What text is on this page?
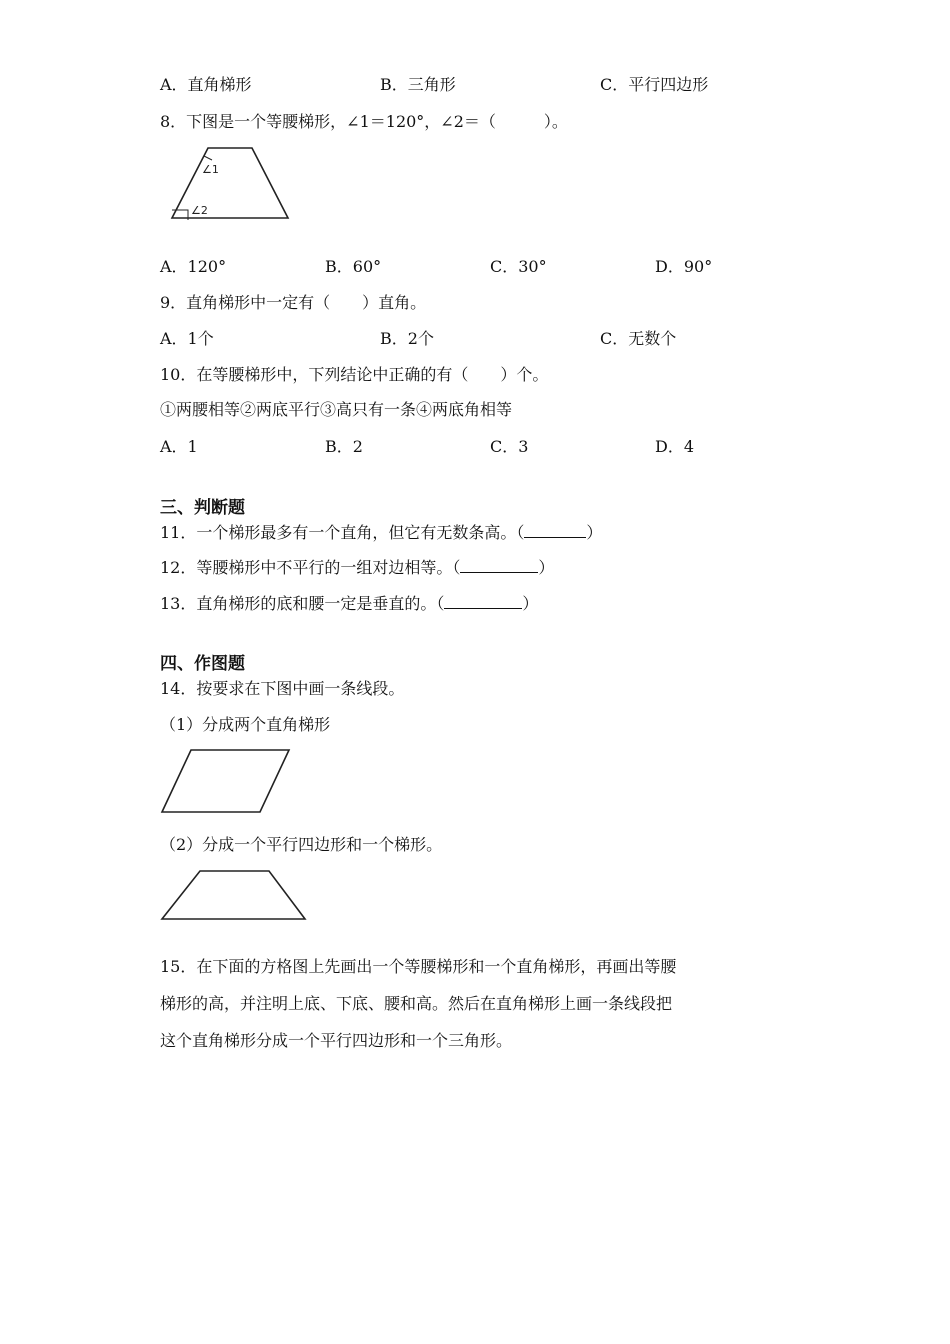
A．直角梯形	B．三角形	C．平行四边形
8．下图是一个等腰梯形，∠1＝120°，∠2＝（　　　）。
∠1
∠2
A．120°	B．60°	C．30°	D．90°
9．直角梯形中一定有（　　）直角。
A．1个	B．2个	C．无数个
10．在等腰梯形中，下列结论中正确的有（　　）个。
①两腰相等②两底平行③高只有一条④两底角相等
A．1	B．2	C．3	D．4
三、判断题
11．一个梯形最多有一个直角，但它有无数条高。（	）
12．等腰梯形中不平行的一组对边相等。（	）
13．直角梯形的底和腰一定是垂直的。（	）
四、作图题
14．按要求在下图中画一条线段。
（1）分成两个直角梯形
（2）分成一个平行四边形和一个梯形。
15．在下面的方格图上先画出一个等腰梯形和一个直角梯形，再画出等腰
梯形的高，并注明上底、下底、腰和高。然后在直角梯形上画一条线段把
这个直角梯形分成一个平行四边形和一个三角形。
